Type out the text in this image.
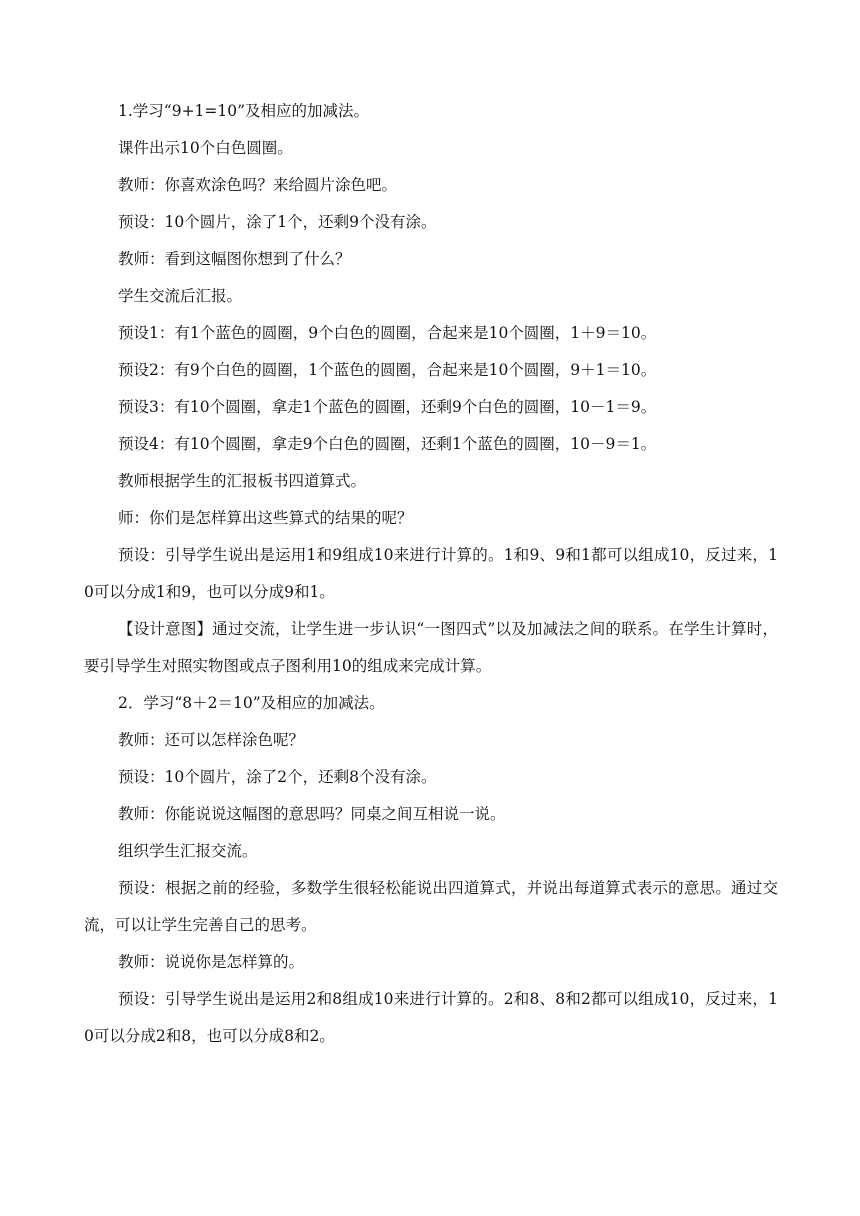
1.学习“9+1=10”及相应的加减法。

课件出示10个白色圆圈。

教师：你喜欢涂色吗？来给圆片涂色吧。

预设：10个圆片，涂了1个，还剩9个没有涂。

教师：看到这幅图你想到了什么？

学生交流后汇报。

预设1：有1个蓝色的圆圈，9个白色的圆圈，合起来是10个圆圈，1＋9＝10。

预设2：有9个白色的圆圈，1个蓝色的圆圈，合起来是10个圆圈，9＋1＝10。

预设3：有10个圆圈，拿走1个蓝色的圆圈，还剩9个白色的圆圈，10－1＝9。

预设4：有10个圆圈，拿走9个白色的圆圈，还剩1个蓝色的圆圈，10－9＝1。

教师根据学生的汇报板书四道算式。

师：你们是怎样算出这些算式的结果的呢？

预设：引导学生说出是运用1和9组成10来进行计算的。1和9、9和1都可以组成10，反过来，10可以分成1和9，也可以分成9和1。

【设计意图】通过交流，让学生进一步认识“一图四式”以及加减法之间的联系。在学生计算时，要引导学生对照实物图或点子图利用10的组成来完成计算。

2．学习“8＋2＝10”及相应的加减法。

教师：还可以怎样涂色呢？

预设：10个圆片，涂了2个，还剩8个没有涂。

教师：你能说说这幅图的意思吗？同桌之间互相说一说。

组织学生汇报交流。

预设：根据之前的经验，多数学生很轻松能说出四道算式，并说出每道算式表示的意思。通过交流，可以让学生完善自己的思考。

教师：说说你是怎样算的。

预设：引导学生说出是运用2和8组成10来进行计算的。2和8、8和2都可以组成10，反过来，10可以分成2和8，也可以分成8和2。
